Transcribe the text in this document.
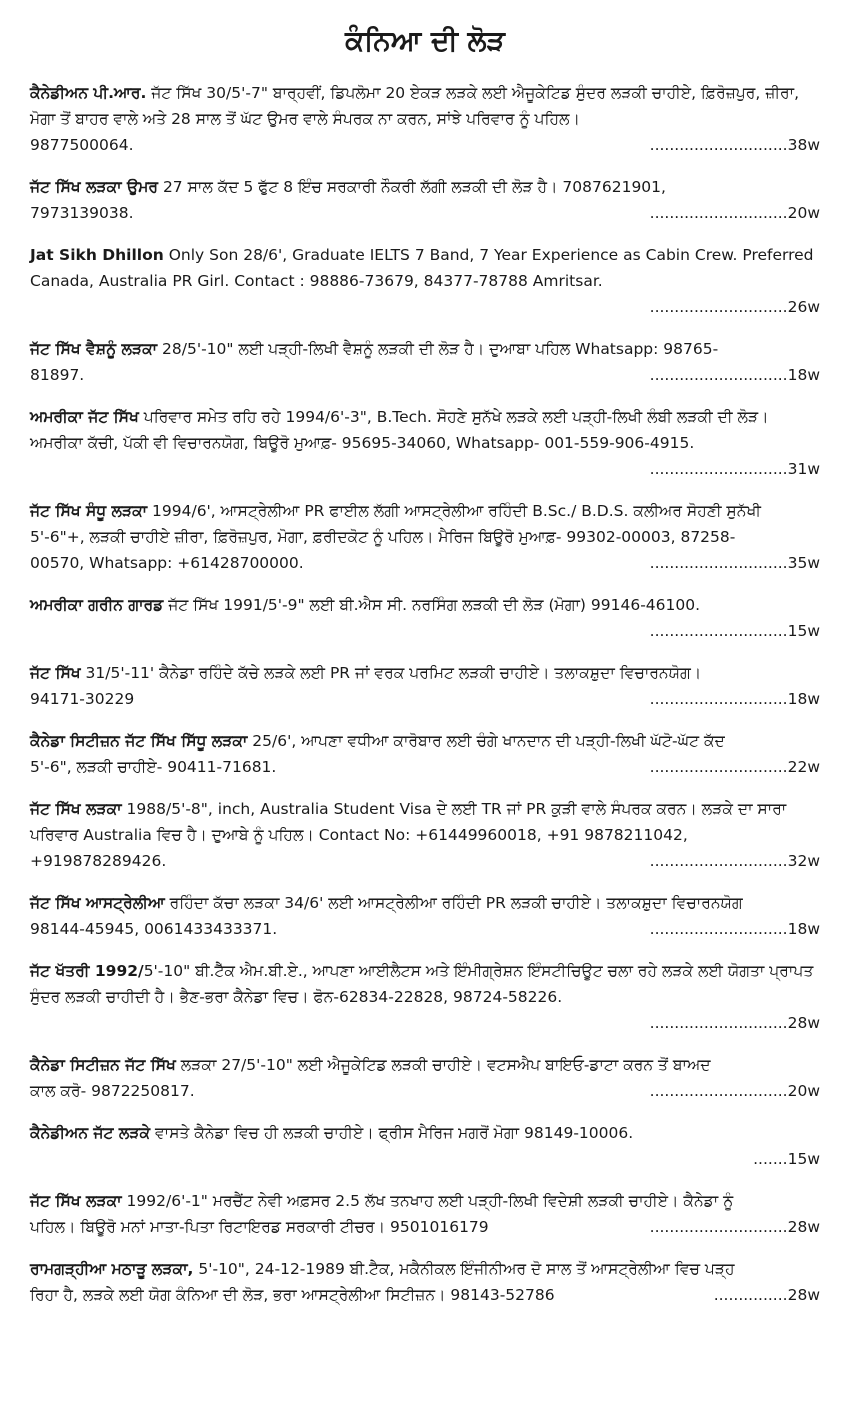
ਕੰਨਿਆ ਦੀ ਲੋੜ
ਕੈਨੇਡੀਅਨ ਪੀ.ਆਰ. ਜੱਟ ਸਿੱਖ 30/5'-7" ਬਾਰ੍ਹਵੀਂ, ਡਿਪਲੋਮਾ 20 ਏਕੜ ਲੜਕੇ ਲਈ ਐਜੂਕੇਟਿਡ ਸੁੰਦਰ ਲੜਕੀ ਚਾਹੀਏ, ਫ਼ਿਰੋਜ਼ਪੁਰ, ਜ਼ੀਰਾ, ਮੋਗਾ ਤੋਂ ਬਾਹਰ ਵਾਲੇ ਅਤੇ 28 ਸਾਲ ਤੋਂ ਘੱਟ ਉਮਰ ਵਾਲੇ ਸੰਪਰਕ ਨਾ ਕਰਨ, ਸਾਂਝੇ ਪਰਿਵਾਰ ਨੂੰ ਪਹਿਲ।
9877500064.	............................38w
ਜੱਟ ਸਿੱਖ ਲੜਕਾ ਉਮਰ 27 ਸਾਲ ਕੱਦ 5 ਫੁੱਟ 8 ਇੰਚ ਸਰਕਾਰੀ ਨੌਕਰੀ ਲੱਗੀ ਲੜਕੀ ਦੀ ਲੋੜ ਹੈ। 7087621901,
7973139038.	............................20w
Jat Sikh Dhillon Only Son 28/6', Graduate IELTS 7 Band, 7 Year Experience as Cabin Crew. Preferred Canada, Australia PR Girl. Contact : 98886-73679, 84377-78788 Amritsar.
............................26w
ਜੱਟ ਸਿੱਖ ਵੈਸ਼ਨੂੰ ਲੜਕਾ 28/5'-10" ਲਈ ਪੜ੍ਹੀ-ਲਿਖੀ ਵੈਸ਼ਨੂੰ ਲੜਕੀ ਦੀ ਲੋੜ ਹੈ। ਦੁਆਬਾ ਪਹਿਲ Whatsapp: 98765-
81897.	............................18w
ਅਮਰੀਕਾ ਜੱਟ ਸਿੱਖ ਪਰਿਵਾਰ ਸਮੇਤ ਰਹਿ ਰਹੇ 1994/6'-3", B.Tech. ਸੋਹਣੇ ਸੁਨੱਖੇ ਲੜਕੇ ਲਈ ਪੜ੍ਹੀ-ਲਿਖੀ ਲੰਬੀ ਲੜਕੀ ਦੀ ਲੋੜ। ਅਮਰੀਕਾ ਕੱਚੀ, ਪੱਕੀ ਵੀ ਵਿਚਾਰਨਯੋਗ, ਬਿਊਰੋ ਮੁਆਫ਼- 95695-34060, Whatsapp- 001-559-906-4915.
............................31w
ਜੱਟ ਸਿੱਖ ਸੰਧੂ ਲੜਕਾ 1994/6', ਆਸਟ੍ਰੇਲੀਆ PR ਫਾਈਲ ਲੱਗੀ ਆਸਟ੍ਰੇਲੀਆ ਰਹਿੰਦੀ B.Sc./ B.D.S. ਕਲੀਅਰ ਸੋਹਣੀ ਸੁਨੱਖੀ 5'-6"+, ਲੜਕੀ ਚਾਹੀਏ ਜ਼ੀਰਾ, ਫ਼ਿਰੋਜ਼ਪੁਰ, ਮੋਗਾ, ਫ਼ਰੀਦਕੋਟ ਨੂੰ ਪਹਿਲ। ਮੈਰਿਜ ਬਿਊਰੋ ਮੁਆਫ਼- 99302-00003, 87258-
00570, Whatsapp: +61428700000.	............................35w
ਅਮਰੀਕਾ ਗਰੀਨ ਗਾਰਡ ਜੱਟ ਸਿੱਖ 1991/5'-9" ਲਈ ਬੀ.ਐਸ ਸੀ. ਨਰਸਿੰਗ ਲੜਕੀ ਦੀ ਲੋੜ (ਮੋਗਾ) 99146-46100.
............................15w
ਜੱਟ ਸਿੱਖ 31/5'-11' ਕੈਨੇਡਾ ਰਹਿੰਦੇ ਕੱਚੇ ਲੜਕੇ ਲਈ PR ਜਾਂ ਵਰਕ ਪਰਮਿਟ ਲੜਕੀ ਚਾਹੀਏ। ਤਲਾਕਸ਼ੁਦਾ ਵਿਚਾਰਨਯੋਗ।
94171-30229	............................18w
ਕੈਨੇਡਾ ਸਿਟੀਜ਼ਨ ਜੱਟ ਸਿੱਖ ਸਿੱਧੂ ਲੜਕਾ 25/6', ਆਪਣਾ ਵਧੀਆ ਕਾਰੋਬਾਰ ਲਈ ਚੰਗੇ ਖਾਨਦਾਨ ਦੀ ਪੜ੍ਹੀ-ਲਿਖੀ ਘੱਟੋ-ਘੱਟ ਕੱਦ
5'-6", ਲੜਕੀ ਚਾਹੀਏ- 90411-71681.	............................22w
ਜੱਟ ਸਿੱਖ ਲੜਕਾ 1988/5'-8", inch, Australia Student Visa ਦੇ ਲਈ TR ਜਾਂ PR ਕੁੜੀ ਵਾਲੇ ਸੰਪਰਕ ਕਰਨ। ਲੜਕੇ ਦਾ ਸਾਰਾ ਪਰਿਵਾਰ Australia ਵਿਚ ਹੈ। ਦੁਆਬੇ ਨੂੰ ਪਹਿਲ। Contact No: +61449960018, +91 9878211042,
+919878289426.	............................32w
ਜੱਟ ਸਿੱਖ ਆਸਟ੍ਰੇਲੀਆ ਰਹਿੰਦਾ ਕੱਚਾ ਲੜਕਾ 34/6' ਲਈ ਆਸਟ੍ਰੇਲੀਆ ਰਹਿੰਦੀ PR ਲੜਕੀ ਚਾਹੀਏ। ਤਲਾਕਸ਼ੁਦਾ ਵਿਚਾਰਨਯੋਗ
98144-45945, 0061433433371.	............................18w
ਜੱਟ ਖੱਤਰੀ 1992/5'-10" ਬੀ.ਟੈੱਕ ਐਮ.ਬੀ.ਏ., ਆਪਣਾ ਆਈਲੈਟਸ ਅਤੇ ਇੰਮੀਗ੍ਰੇਸ਼ਨ ਇੰਸਟੀਚਿਊਟ ਚਲਾ ਰਹੇ ਲੜਕੇ ਲਈ ਯੋਗਤਾ ਪ੍ਰਾਪਤ ਸੁੰਦਰ ਲੜਕੀ ਚਾਹੀਦੀ ਹੈ। ਭੈਣ-ਭਰਾ ਕੈਨੇਡਾ ਵਿਚ। ਫੋਨ-62834-22828, 98724-58226.
............................28w
ਕੈਨੇਡਾ ਸਿਟੀਜ਼ਨ ਜੱਟ ਸਿੱਖ ਲੜਕਾ 27/5'-10" ਲਈ ਐਜੂਕੇਟਿਡ ਲੜਕੀ ਚਾਹੀਏ। ਵਟਸਐਪ ਬਾਇਓ-ਡਾਟਾ ਕਰਨ ਤੋਂ ਬਾਅਦ
ਕਾਲ ਕਰੋ- 9872250817.	............................20w
ਕੈਨੇਡੀਅਨ ਜੱਟ ਲੜਕੇ ਵਾਸਤੇ ਕੈਨੇਡਾ ਵਿਚ ਹੀ ਲੜਕੀ ਚਾਹੀਏ। ਫ੍ਰੀਸ ਮੈਰਿਜ ਮਗਰੋਂ ਮੋਗਾ 98149-10006.
.......15w
ਜੱਟ ਸਿੱਖ ਲੜਕਾ 1992/6'-1" ਮਰਚੈਂਟ ਨੇਵੀ ਅਫ਼ਸਰ 2.5 ਲੱਖ ਤਨਖਾਹ ਲਈ ਪੜ੍ਹੀ-ਲਿਖੀ ਵਿਦੇਸ਼ੀ ਲੜਕੀ ਚਾਹੀਏ। ਕੈਨੇਡਾ ਨੂੰ
ਪਹਿਲ। ਬਿਊਰੋ ਮਨਾਂ ਮਾਤਾ-ਪਿਤਾ ਰਿਟਾਇਰਡ ਸਰਕਾਰੀ ਟੀਚਰ। 9501016179	............................28w
ਰਾਮਗੜ੍ਹੀਆ ਮਠਾੜੂ ਲੜਕਾ, 5'-10", 24-12-1989 ਬੀ.ਟੈਕ, ਮਕੈਨੀਕਲ ਇੰਜੀਨੀਅਰ ਦੋ ਸਾਲ ਤੋਂ ਆਸਟ੍ਰੇਲੀਆ ਵਿਚ ਪੜ੍ਹ
ਰਿਹਾ ਹੈ, ਲੜਕੇ ਲਈ ਯੋਗ ਕੰਨਿਆ ਦੀ ਲੋੜ, ਭਰਾ ਆਸਟ੍ਰੇਲੀਆ ਸਿਟੀਜ਼ਨ। 98143-52786	...............28w
